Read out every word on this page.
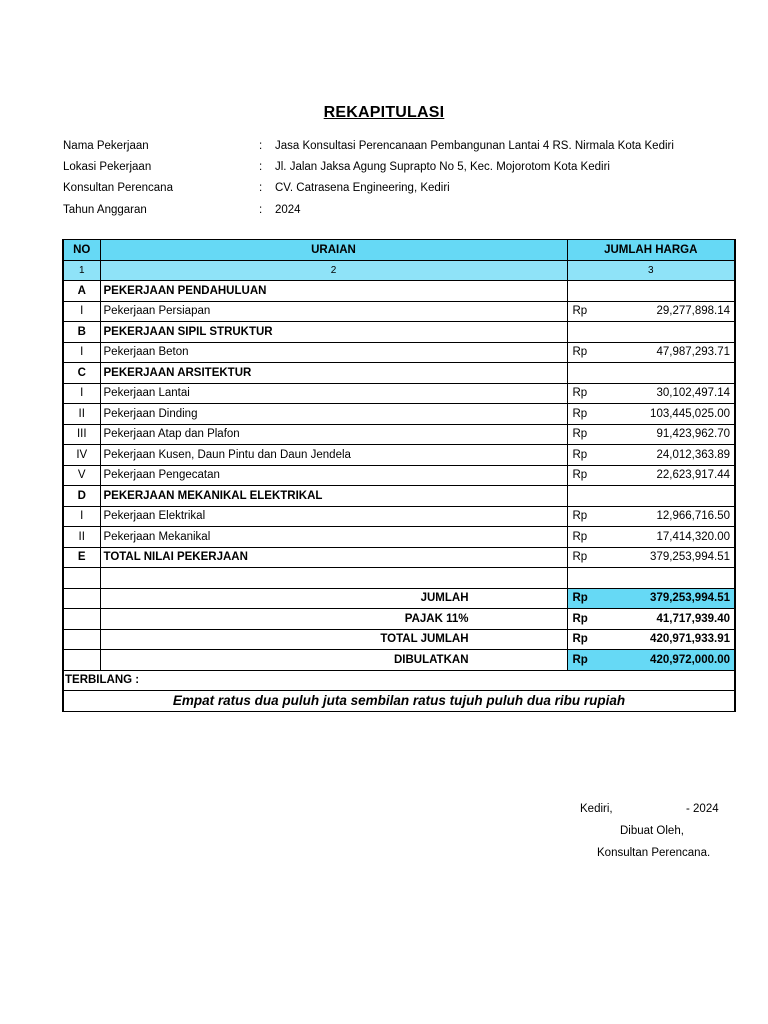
REKAPITULASI
Nama Pekerjaan	: Jasa Konsultasi Perencanaan Pembangunan Lantai 4 RS. Nirmala Kota Kediri
Lokasi Pekerjaan	: Jl. Jalan Jaksa Agung Suprapto No 5, Kec. Mojorotom Kota Kediri
Konsultan Perencana	: CV. Catrasena Engineering, Kediri
Tahun Anggaran	: 2024
NO	URAIAN	JUMLAH HARGA
1	2	3
A	PEKERJAAN PENDAHULUAN	
I	Pekerjaan Persiapan	Rp 29,277,898.14

B	PEKERJAAN SIPIL STRUKTUR	
I	Pekerjaan Beton	Rp 47,987,293.71

C	PEKERJAAN ARSITEKTUR	
I	Pekerjaan Lantai	Rp 30,102,497.14

II	Pekerjaan Dinding	Rp 103,445,025.00

III	Pekerjaan Atap dan Plafon	Rp 91,423,962.70

IV	Pekerjaan Kusen, Daun Pintu dan Daun Jendela	Rp 24,012,363.89

V	Pekerjaan Pengecatan	Rp 22,623,917.44

D	PEKERJAAN MEKANIKAL ELEKTRIKAL	
I	Pekerjaan Elektrikal	Rp 12,966,716.50

II	Pekerjaan Mekanikal	Rp 17,414,320.00

E	TOTAL NILAI PEKERJAAN	Rp 379,253,994.51

	JUMLAH	Rp 379,253,994.51

	PAJAK 11%	Rp 41,717,939.40

	TOTAL JUMLAH	Rp 420,971,933.91

	DIBULATKAN	Rp 420,972,000.00

TERBILANG :		
Empat ratus dua puluh juta sembilan ratus tujuh puluh dua ribu rupiah		
Kediri,	- 2024
Dibuat Oleh,
Konsultan Perencana.
